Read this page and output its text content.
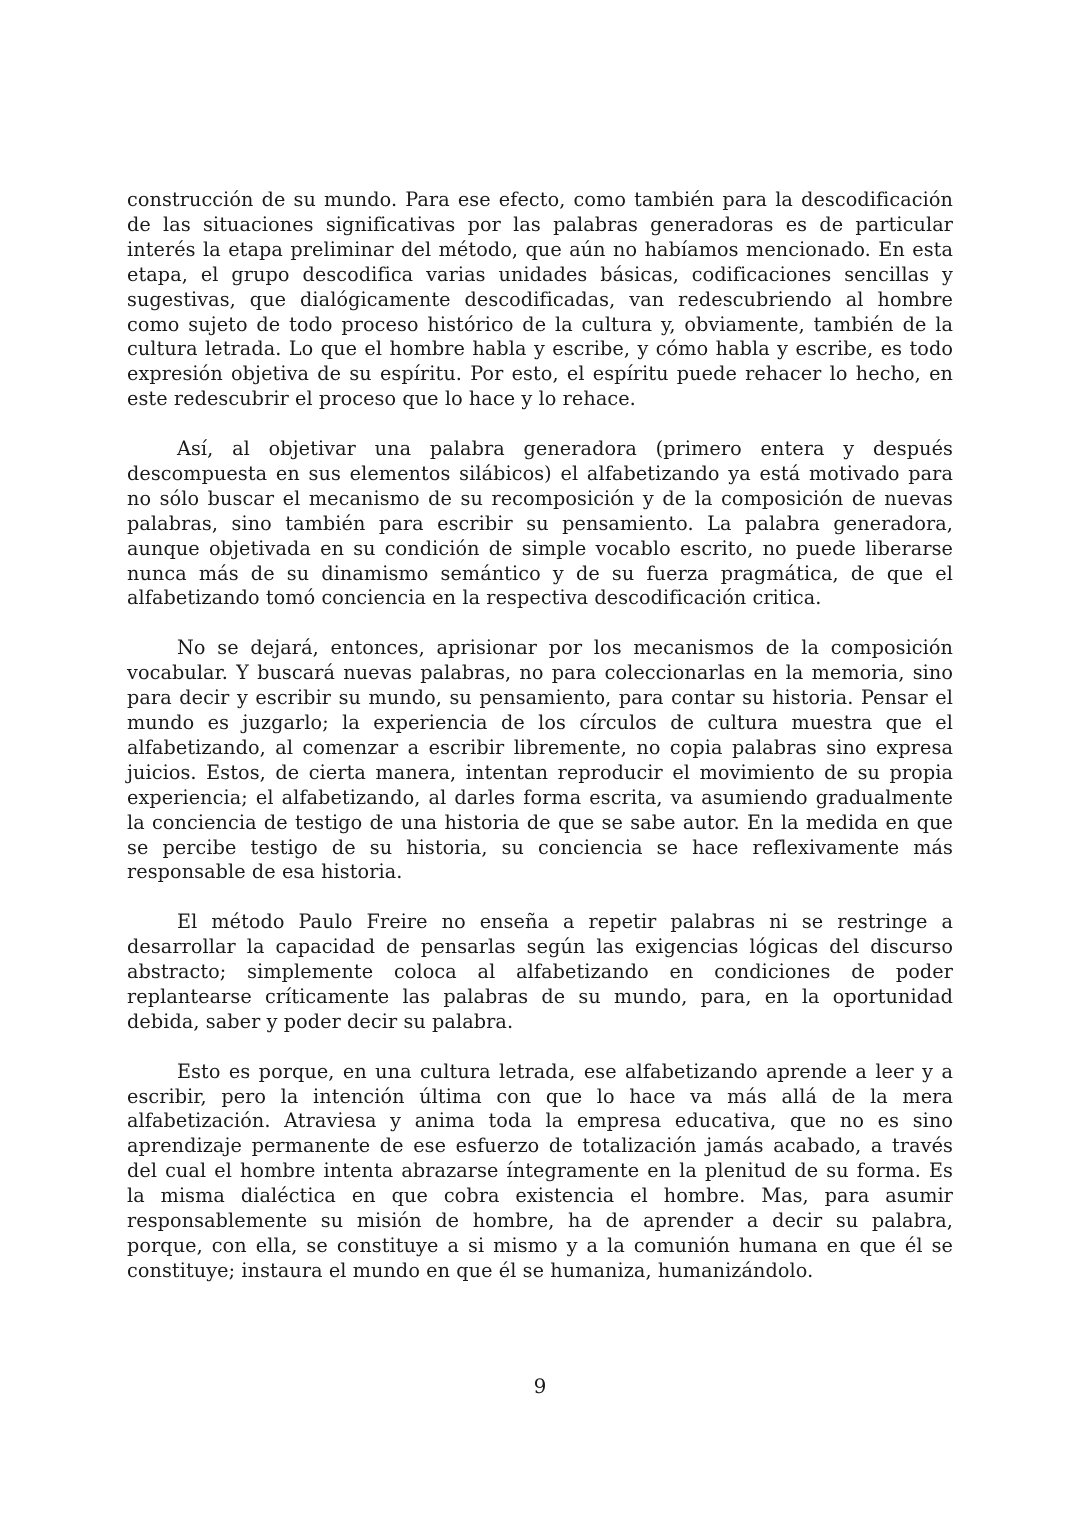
construcción de su mundo. Para ese efecto, como también para la descodificación de las situaciones significativas por las palabras generadoras es de particular interés la etapa preliminar del método, que aún no habíamos mencionado. En esta etapa, el grupo descodifica varias unidades básicas, codificaciones sencillas y sugestivas, que dialógicamente descodificadas, van redescubriendo al hombre como sujeto de todo proceso histórico de la cultura y, obviamente, también de la cultura letrada. Lo que el hombre habla y escribe, y cómo habla y escribe, es todo expresión objetiva de su espíritu. Por esto, el espíritu puede rehacer lo hecho, en este redescubrir el proceso que lo hace y lo rehace.

Así, al objetivar una palabra generadora (primero entera y después descompuesta en sus elementos silábicos) el alfabetizando ya está motivado para no sólo buscar el mecanismo de su recomposición y de la composición de nuevas palabras, sino también para escribir su pensamiento. La palabra generadora, aunque objetivada en su condición de simple vocablo escrito, no puede liberarse nunca más de su dinamismo semántico y de su fuerza pragmática, de que el alfabetizando tomó conciencia en la respectiva descodificación critica.

No se dejará, entonces, aprisionar por los mecanismos de la composición vocabular. Y buscará nuevas palabras, no para coleccionarlas en la memoria, sino para decir y escribir su mundo, su pensamiento, para contar su historia. Pensar el mundo es juzgarlo; la experiencia de los círculos de cultura muestra que el alfabetizando, al comenzar a escribir libremente, no copia palabras sino expresa juicios. Estos, de cierta manera, intentan reproducir el movimiento de su propia experiencia; el alfabetizando, al darles forma escrita, va asumiendo gradualmente la conciencia de testigo de una historia de que se sabe autor. En la medida en que se percibe testigo de su historia, su conciencia se hace reflexivamente más responsable de esa historia.

El método Paulo Freire no enseña a repetir palabras ni se restringe a desarrollar la capacidad de pensarlas según las exigencias lógicas del discurso abstracto; simplemente coloca al alfabetizando en condiciones de poder replantearse críticamente las palabras de su mundo, para, en la oportunidad debida, saber y poder decir su palabra.

Esto es porque, en una cultura letrada, ese alfabetizando aprende a leer y a escribir, pero la intención última con que lo hace va más allá de la mera alfabetización. Atraviesa y anima toda la empresa educativa, que no es sino aprendizaje permanente de ese esfuerzo de totalización jamás acabado, a través del cual el hombre intenta abrazarse íntegramente en la plenitud de su forma. Es la misma dialéctica en que cobra existencia el hombre. Mas, para asumir responsablemente su misión de hombre, ha de aprender a decir su palabra, porque, con ella, se constituye a si mismo y a la comunión humana en que él se constituye; instaura el mundo en que él se humaniza, humanizándolo.

9
